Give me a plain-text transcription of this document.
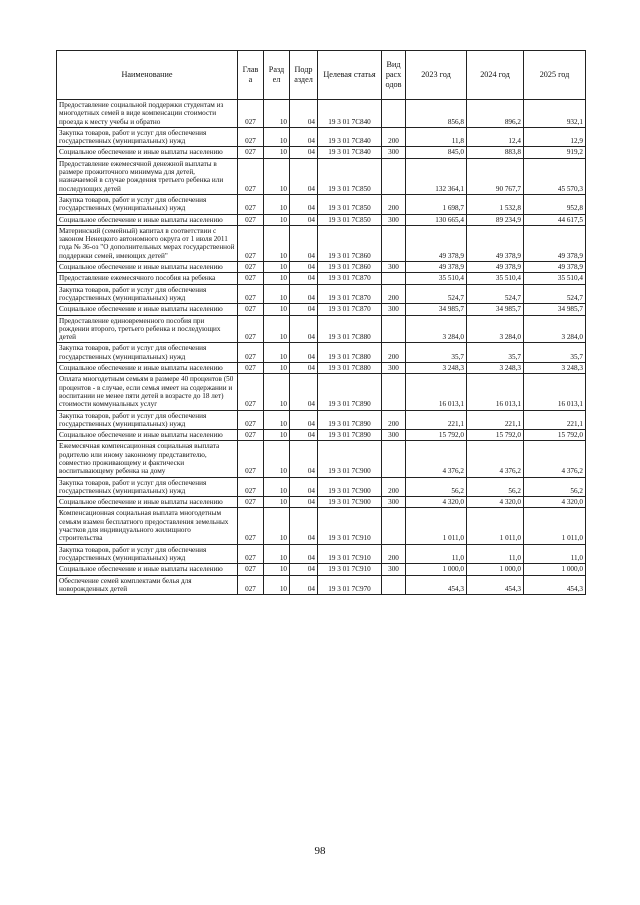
Наименование	Глав а	Разд ел	Подр аздел	Целевая статья	Вид расх одов	2023 год	2024 год	2025 год
Предоставление социальной поддержки студентам из многодетных семей в виде компенсации стоимости проезда к месту учебы и обратно	027	10	04	19 3 01 7C840		856,8	896,2	932,1
Закупка товаров, работ и услуг для обеспечения государственных (муниципальных) нужд	027	10	04	19 3 01 7C840	200	11,8	12,4	12,9
Социальное обеспечение и иные выплаты населению	027	10	04	19 3 01 7C840	300	845,0	883,8	919,2
Предоставление ежемесячной денежной выплаты в размере прожиточного минимума для детей, назначаемой в случае рождения третьего ребенка или последующих детей	027	10	04	19 3 01 7C850		132 364,1	90 767,7	45 570,3
Закупка товаров, работ и услуг для обеспечения государственных (муниципальных) нужд	027	10	04	19 3 01 7C850	200	1 698,7	1 532,8	952,8
Социальное обеспечение и иные выплаты населению	027	10	04	19 3 01 7C850	300	130 665,4	89 234,9	44 617,5
Материнский (семейный) капитал в соответствии с законом Ненецкого автономного округа от 1 июля 2011 года № 36-оз "О дополнительных мерах государственной поддержки семей, имеющих детей"	027	10	04	19 3 01 7C860		49 378,9	49 378,9	49 378,9
Социальное обеспечение и иные выплаты населению	027	10	04	19 3 01 7C860	300	49 378,9	49 378,9	49 378,9
Предоставление ежемесячного пособия на ребенка	027	10	04	19 3 01 7C870		35 510,4	35 510,4	35 510,4
Закупка товаров, работ и услуг для обеспечения государственных (муниципальных) нужд	027	10	04	19 3 01 7C870	200	524,7	524,7	524,7
Социальное обеспечение и иные выплаты населению	027	10	04	19 3 01 7C870	300	34 985,7	34 985,7	34 985,7
Предоставление единовременного пособия при рождении второго, третьего ребенка и последующих детей	027	10	04	19 3 01 7C880		3 284,0	3 284,0	3 284,0
Закупка товаров, работ и услуг для обеспечения государственных (муниципальных) нужд	027	10	04	19 3 01 7C880	200	35,7	35,7	35,7
Социальное обеспечение и иные выплаты населению	027	10	04	19 3 01 7C880	300	3 248,3	3 248,3	3 248,3
Оплата многодетным семьям в размере 40 процентов (50 процентов - в случае, если семья имеет на содержании и воспитании не менее пяти детей в возрасте до 18 лет) стоимости коммунальных услуг	027	10	04	19 3 01 7C890		16 013,1	16 013,1	16 013,1
Закупка товаров, работ и услуг для обеспечения государственных (муниципальных) нужд	027	10	04	19 3 01 7C890	200	221,1	221,1	221,1
Социальное обеспечение и иные выплаты населению	027	10	04	19 3 01 7C890	300	15 792,0	15 792,0	15 792,0
Ежемесячная компенсационная социальная выплата родителю или иному законному представителю, совместно проживающему и фактически воспитывающему ребенка на дому	027	10	04	19 3 01 7C900		4 376,2	4 376,2	4 376,2
Закупка товаров, работ и услуг для обеспечения государственных (муниципальных) нужд	027	10	04	19 3 01 7C900	200	56,2	56,2	56,2
Социальное обеспечение и иные выплаты населению	027	10	04	19 3 01 7C900	300	4 320,0	4 320,0	4 320,0
Компенсационная социальная выплата многодетным семьям взамен бесплатного предоставления земельных участков для индивидуального жилищного строительства	027	10	04	19 3 01 7C910		1 011,0	1 011,0	1 011,0
Закупка товаров, работ и услуг для обеспечения государственных (муниципальных) нужд	027	10	04	19 3 01 7C910	200	11,0	11,0	11,0
Социальное обеспечение и иные выплаты населению	027	10	04	19 3 01 7C910	300	1 000,0	1 000,0	1 000,0
Обеспечение семей комплектами белья для новорожденных детей	027	10	04	19 3 01 7C970		454,3	454,3	454,3
98
